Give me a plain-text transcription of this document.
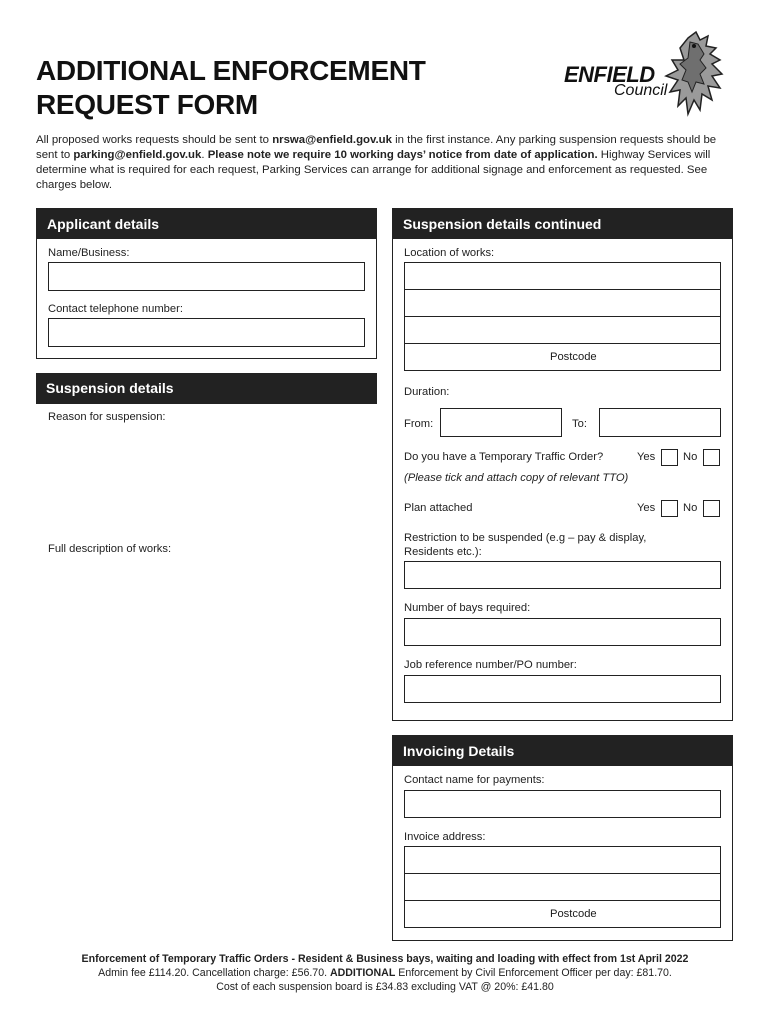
ADDITIONAL ENFORCEMENT
REQUEST FORM
ENFIELD
Council
All proposed works requests should be sent to nrswa@enfield.gov.uk in the first instance. Any parking suspension requests should be sent to parking@enfield.gov.uk. Please note we require 10 working days’ notice from date of application. Highway Services will determine what is required for each request, Parking Services can arrange for additional signage and enforcement as requested. See charges below.
Applicant details
Name/Business:
Contact telephone number:
Suspension details
Reason for suspension:
Full description of works:
Suspension details continued
Location of works:
Postcode
Duration:
From:	To:
Do you have a Temporary Traffic Order?	Yes No
(Please tick and attach copy of relevant TTO)
Plan attached	Yes No
Restriction to be suspended (e.g – pay & display, Residents etc.):
Number of bays required:
Job reference number/PO number:
Invoicing Details
Contact name for payments:
Invoice address:
Postcode
Enforcement of Temporary Traffic Orders - Resident & Business bays, waiting and loading with effect from 1st April 2022
Admin fee £114.20. Cancellation charge: £56.70. ADDITIONAL Enforcement by Civil Enforcement Officer per day: £81.70.
Cost of each suspension board is £34.83 excluding VAT @ 20%: £41.80
